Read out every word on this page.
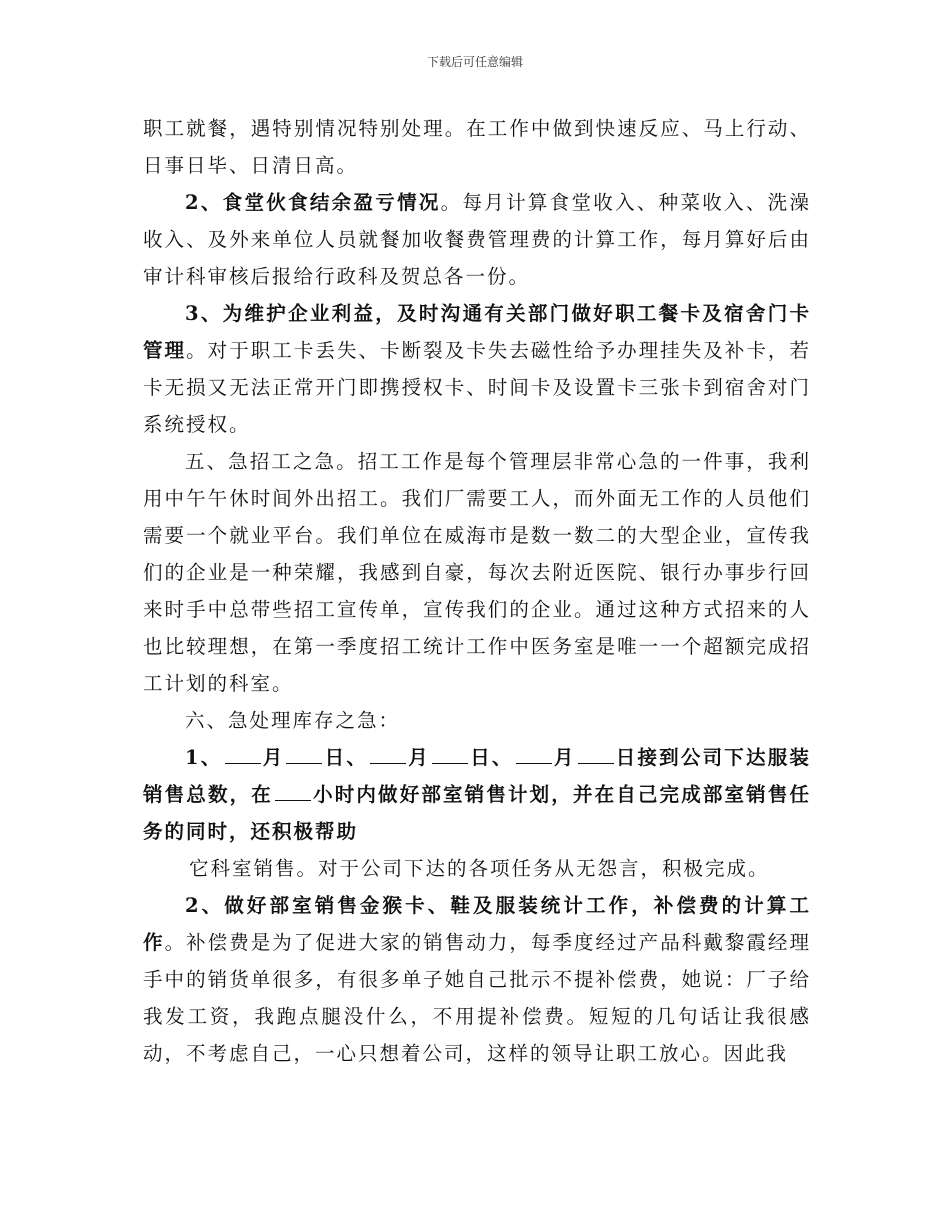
下载后可任意编辑

职工就餐，遇特别情况特别处理。在工作中做到快速反应、马上行动、日事日毕、日清日高。

2、食堂伙食结余盈亏情况。每月计算食堂收入、种菜收入、洗澡收入、及外来单位人员就餐加收餐费管理费的计算工作，每月算好后由审计科审核后报给行政科及贺总各一份。

3、为维护企业利益，及时沟通有关部门做好职工餐卡及宿舍门卡管理。对于职工卡丢失、卡断裂及卡失去磁性给予办理挂失及补卡，若卡无损又无法正常开门即携授权卡、时间卡及设置卡三张卡到宿舍对门系统授权。

五、急招工之急。招工工作是每个管理层非常心急的一件事，我利用中午午休时间外出招工。我们厂需要工人，而外面无工作的人员他们需要一个就业平台。我们单位在威海市是数一数二的大型企业，宣传我们的企业是一种荣耀，我感到自豪，每次去附近医院、银行办事步行回来时手中总带些招工宣传单，宣传我们的企业。通过这种方式招来的人也比较理想，在第一季度招工统计工作中医务室是唯一一个超额完成招工计划的科室。

六、急处理库存之急：

1、 月 日、 月 日、 月 日接到公司下达服装销售总数，在 小时内做好部室销售计划，并在自己完成部室销售任务的同时，还积极帮助

它科室销售。对于公司下达的各项任务从无怨言，积极完成。

2、做好部室销售金猴卡、鞋及服装统计工作，补偿费的计算工作。补偿费是为了促进大家的销售动力，每季度经过产品科戴黎霞经理手中的销货单很多，有很多单子她自己批示不提补偿费，她说：厂子给我发工资，我跑点腿没什么，不用提补偿费。短短的几句话让我很感动，不考虑自己，一心只想着公司，这样的领导让职工放心。因此我
